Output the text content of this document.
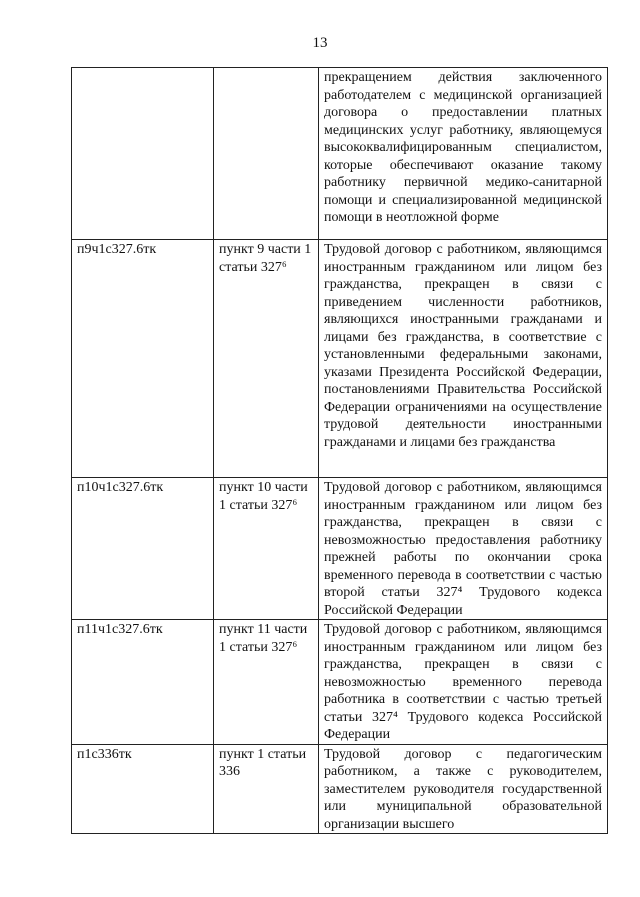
13
		прекращением действия заключенного работодателем с медицинской организацией договора о предоставлении платных медицинских услуг работнику, являющемуся высококвалифицированным специалистом, которые обеспечивают оказание такому работнику первичной медико-санитарной помощи и специализированной медицинской помощи в неотложной форме
п9ч1с327.6тк	пункт 9 части 1 статьи 327⁶	Трудовой договор с работником, являющимся иностранным гражданином или лицом без гражданства, прекращен в связи с приведением численности работников, являющихся иностранными гражданами и лицами без гражданства, в соответствие с установленными федеральными законами, указами Президента Российской Федерации, постановлениями Правительства Российской Федерации ограничениями на осуществление трудовой деятельности иностранными гражданами и лицами без гражданства
п10ч1с327.6тк	пункт 10 части 1 статьи 327⁶	Трудовой договор с работником, являющимся иностранным гражданином или лицом без гражданства, прекращен в связи с невозможностью предоставления работнику прежней работы по окончании срока временного перевода в соответствии с частью второй статьи 327⁴ Трудового кодекса Российской Федерации
п11ч1с327.6тк	пункт 11 части 1 статьи 327⁶	Трудовой договор с работником, являющимся иностранным гражданином или лицом без гражданства, прекращен в связи с невозможностью временного перевода работника в соответствии с частью третьей статьи 327⁴ Трудового кодекса Российской Федерации
п1с336тк	пункт 1 статьи 336	Трудовой договор с педагогическим работником, а также с руководителем, заместителем руководителя государственной или муниципальной образовательной организации высшего
